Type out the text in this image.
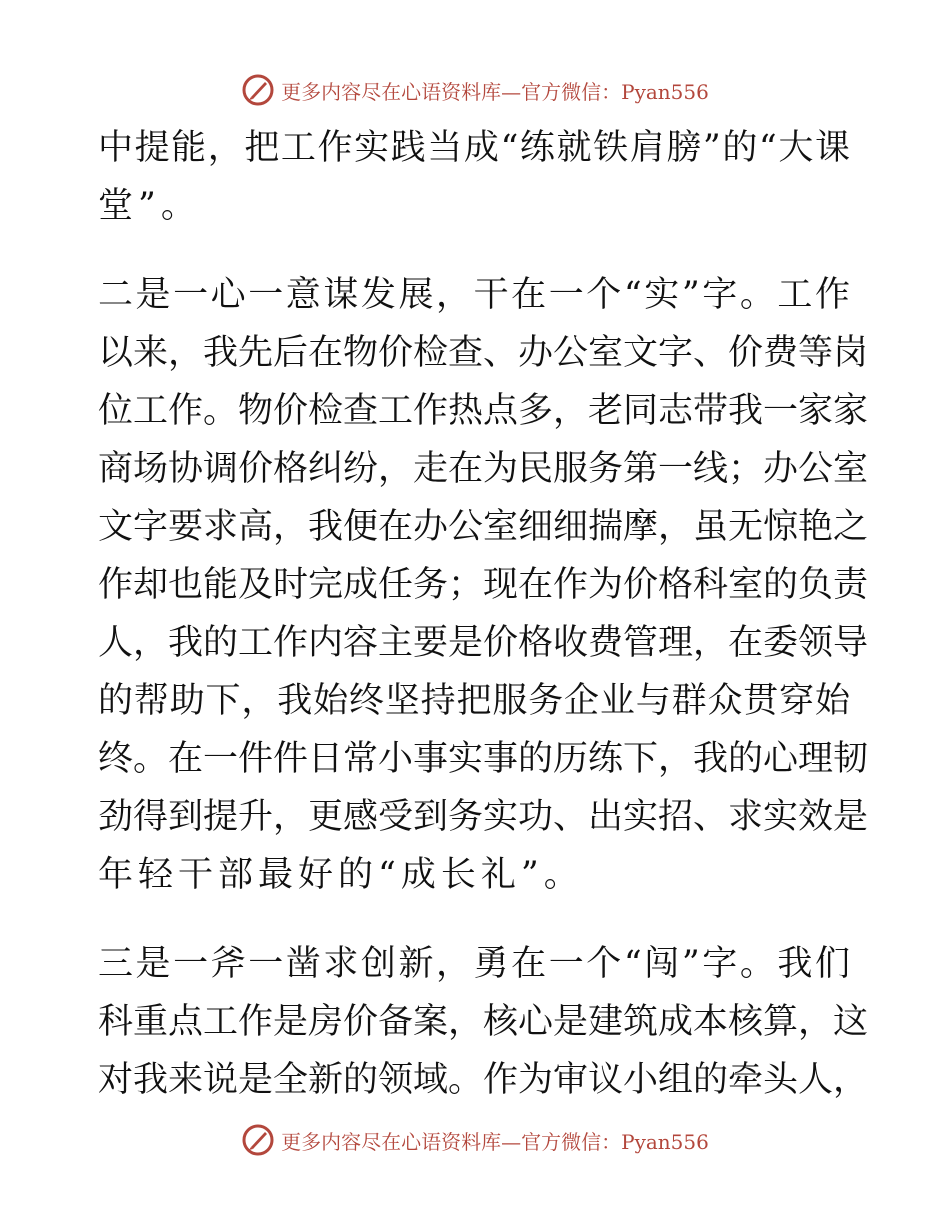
更多内容尽在心语资料库—官方微信：Pyan556
中提能，把工作实践当成“练就铁肩膀”的“大课
堂”。
二是一心一意谋发展，干在一个“实”字。工作
以来，我先后在物价检查、办公室文字、价费等岗
位工作。物价检查工作热点多，老同志带我一家家
商场协调价格纠纷，走在为民服务第一线；办公室
文字要求高，我便在办公室细细揣摩，虽无惊艳之
作却也能及时完成任务；现在作为价格科室的负责
人，我的工作内容主要是价格收费管理，在委领导
的帮助下，我始终坚持把服务企业与群众贯穿始
终。在一件件日常小事实事的历练下，我的心理韧
劲得到提升，更感受到务实功、出实招、求实效是
年轻干部最好的“成长礼”。
三是一斧一凿求创新，勇在一个“闯”字。我们
科重点工作是房价备案，核心是建筑成本核算，这
对我来说是全新的领域。作为审议小组的牵头人，
更多内容尽在心语资料库—官方微信：Pyan556
